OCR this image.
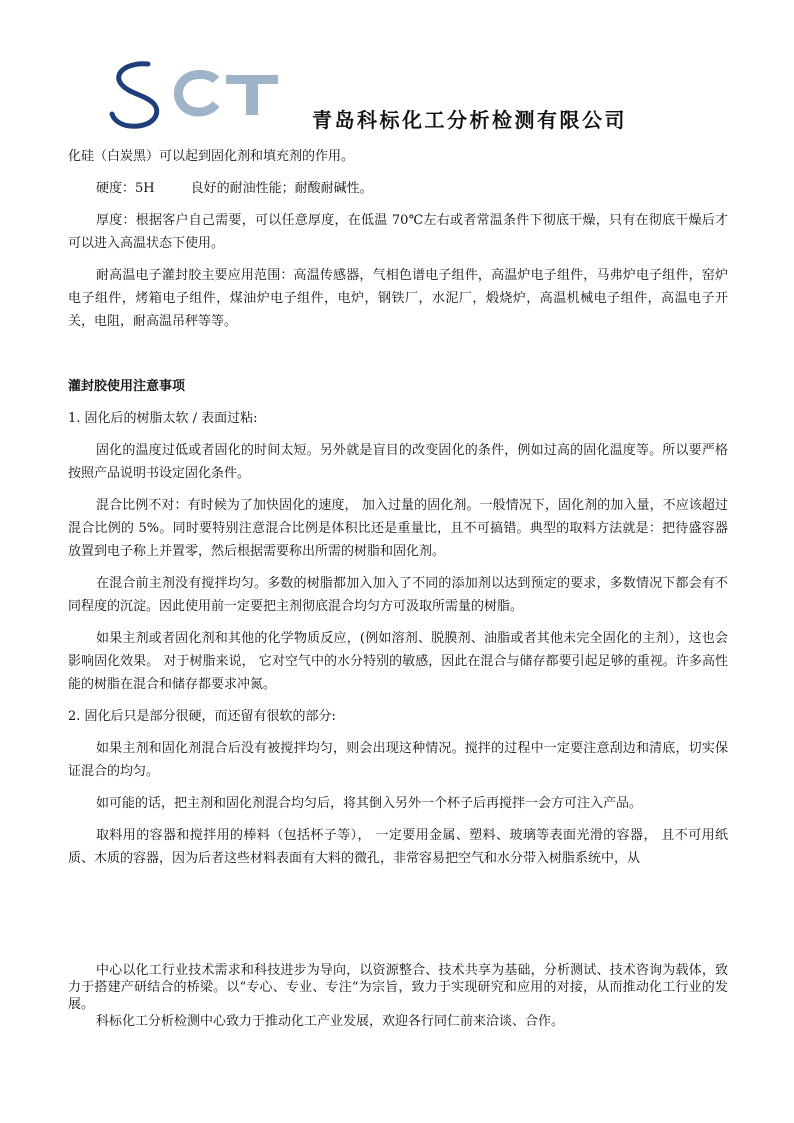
青岛科标化工分析检测有限公司

化硅（白炭黑）可以起到固化剂和填充剂的作用。

硬度：5H	良好的耐油性能；耐酸耐碱性。

厚度：根据客户自己需要，可以任意厚度，在低温 70℃左右或者常温条件下彻底干燥，只有在彻底干燥后才可以进入高温状态下使用。

耐高温电子灌封胶主要应用范围：高温传感器，气相色谱电子组件，高温炉电子组件，马弗炉电子组件，窑炉电子组件，烤箱电子组件，煤油炉电子组件，电炉，钢铁厂，水泥厂，煅烧炉，高温机械电子组件，高温电子开关，电阻，耐高温吊秤等等。

灌封胶使用注意事项

1. 固化后的树脂太软 / 表面过粘:

固化的温度过低或者固化的时间太短。另外就是盲目的改变固化的条件，例如过高的固化温度等。所以要严格按照产品说明书设定固化条件。

混合比例不对：有时候为了加快固化的速度， 加入过量的固化剂。一般情况下，固化剂的加入量，不应该超过混合比例的 5%。同时要特别注意混合比例是体积比还是重量比，且不可搞错。典型的取料方法就是：把待盛容器放置到电子称上并置零，然后根据需要称出所需的树脂和固化剂。

在混合前主剂没有搅拌均匀。多数的树脂都加入加入了不同的添加剂以达到预定的要求，多数情况下都会有不同程度的沉淀。因此使用前一定要把主剂彻底混合均匀方可汲取所需量的树脂。

如果主剂或者固化剂和其他的化学物质反应，(例如溶剂、脱膜剂、油脂或者其他未完全固化的主剂），这也会影响固化效果。 对于树脂来说， 它对空气中的水分特别的敏感，因此在混合与储存都要引起足够的重视。许多高性能的树脂在混合和储存都要求冲氮。

2. 固化后只是部分很硬，而还留有很软的部分:

如果主剂和固化剂混合后没有被搅拌均匀，则会出现这种情况。搅拌的过程中一定要注意刮边和清底，切实保证混合的均匀。

如可能的话，把主剂和固化剂混合均匀后，将其倒入另外一个杯子后再搅拌一会方可注入产品。

取料用的容器和搅拌用的棒料（包括杯子等）， 一定要用金属、塑料、玻璃等表面光滑的容器， 且不可用纸质、木质的容器，因为后者这些材料表面有大料的微孔，非常容易把空气和水分带入树脂系统中，从

中心以化工行业技术需求和科技进步为导向，以资源整合、技术共享为基础，分析测试、技术咨询为载体，致力于搭建产研结合的桥梁。以“专心、专业、专注“为宗旨，致力于实现研究和应用的对接，从而推动化工行业的发展。

科标化工分析检测中心致力于推动化工产业发展，欢迎各行同仁前来洽谈、合作。
